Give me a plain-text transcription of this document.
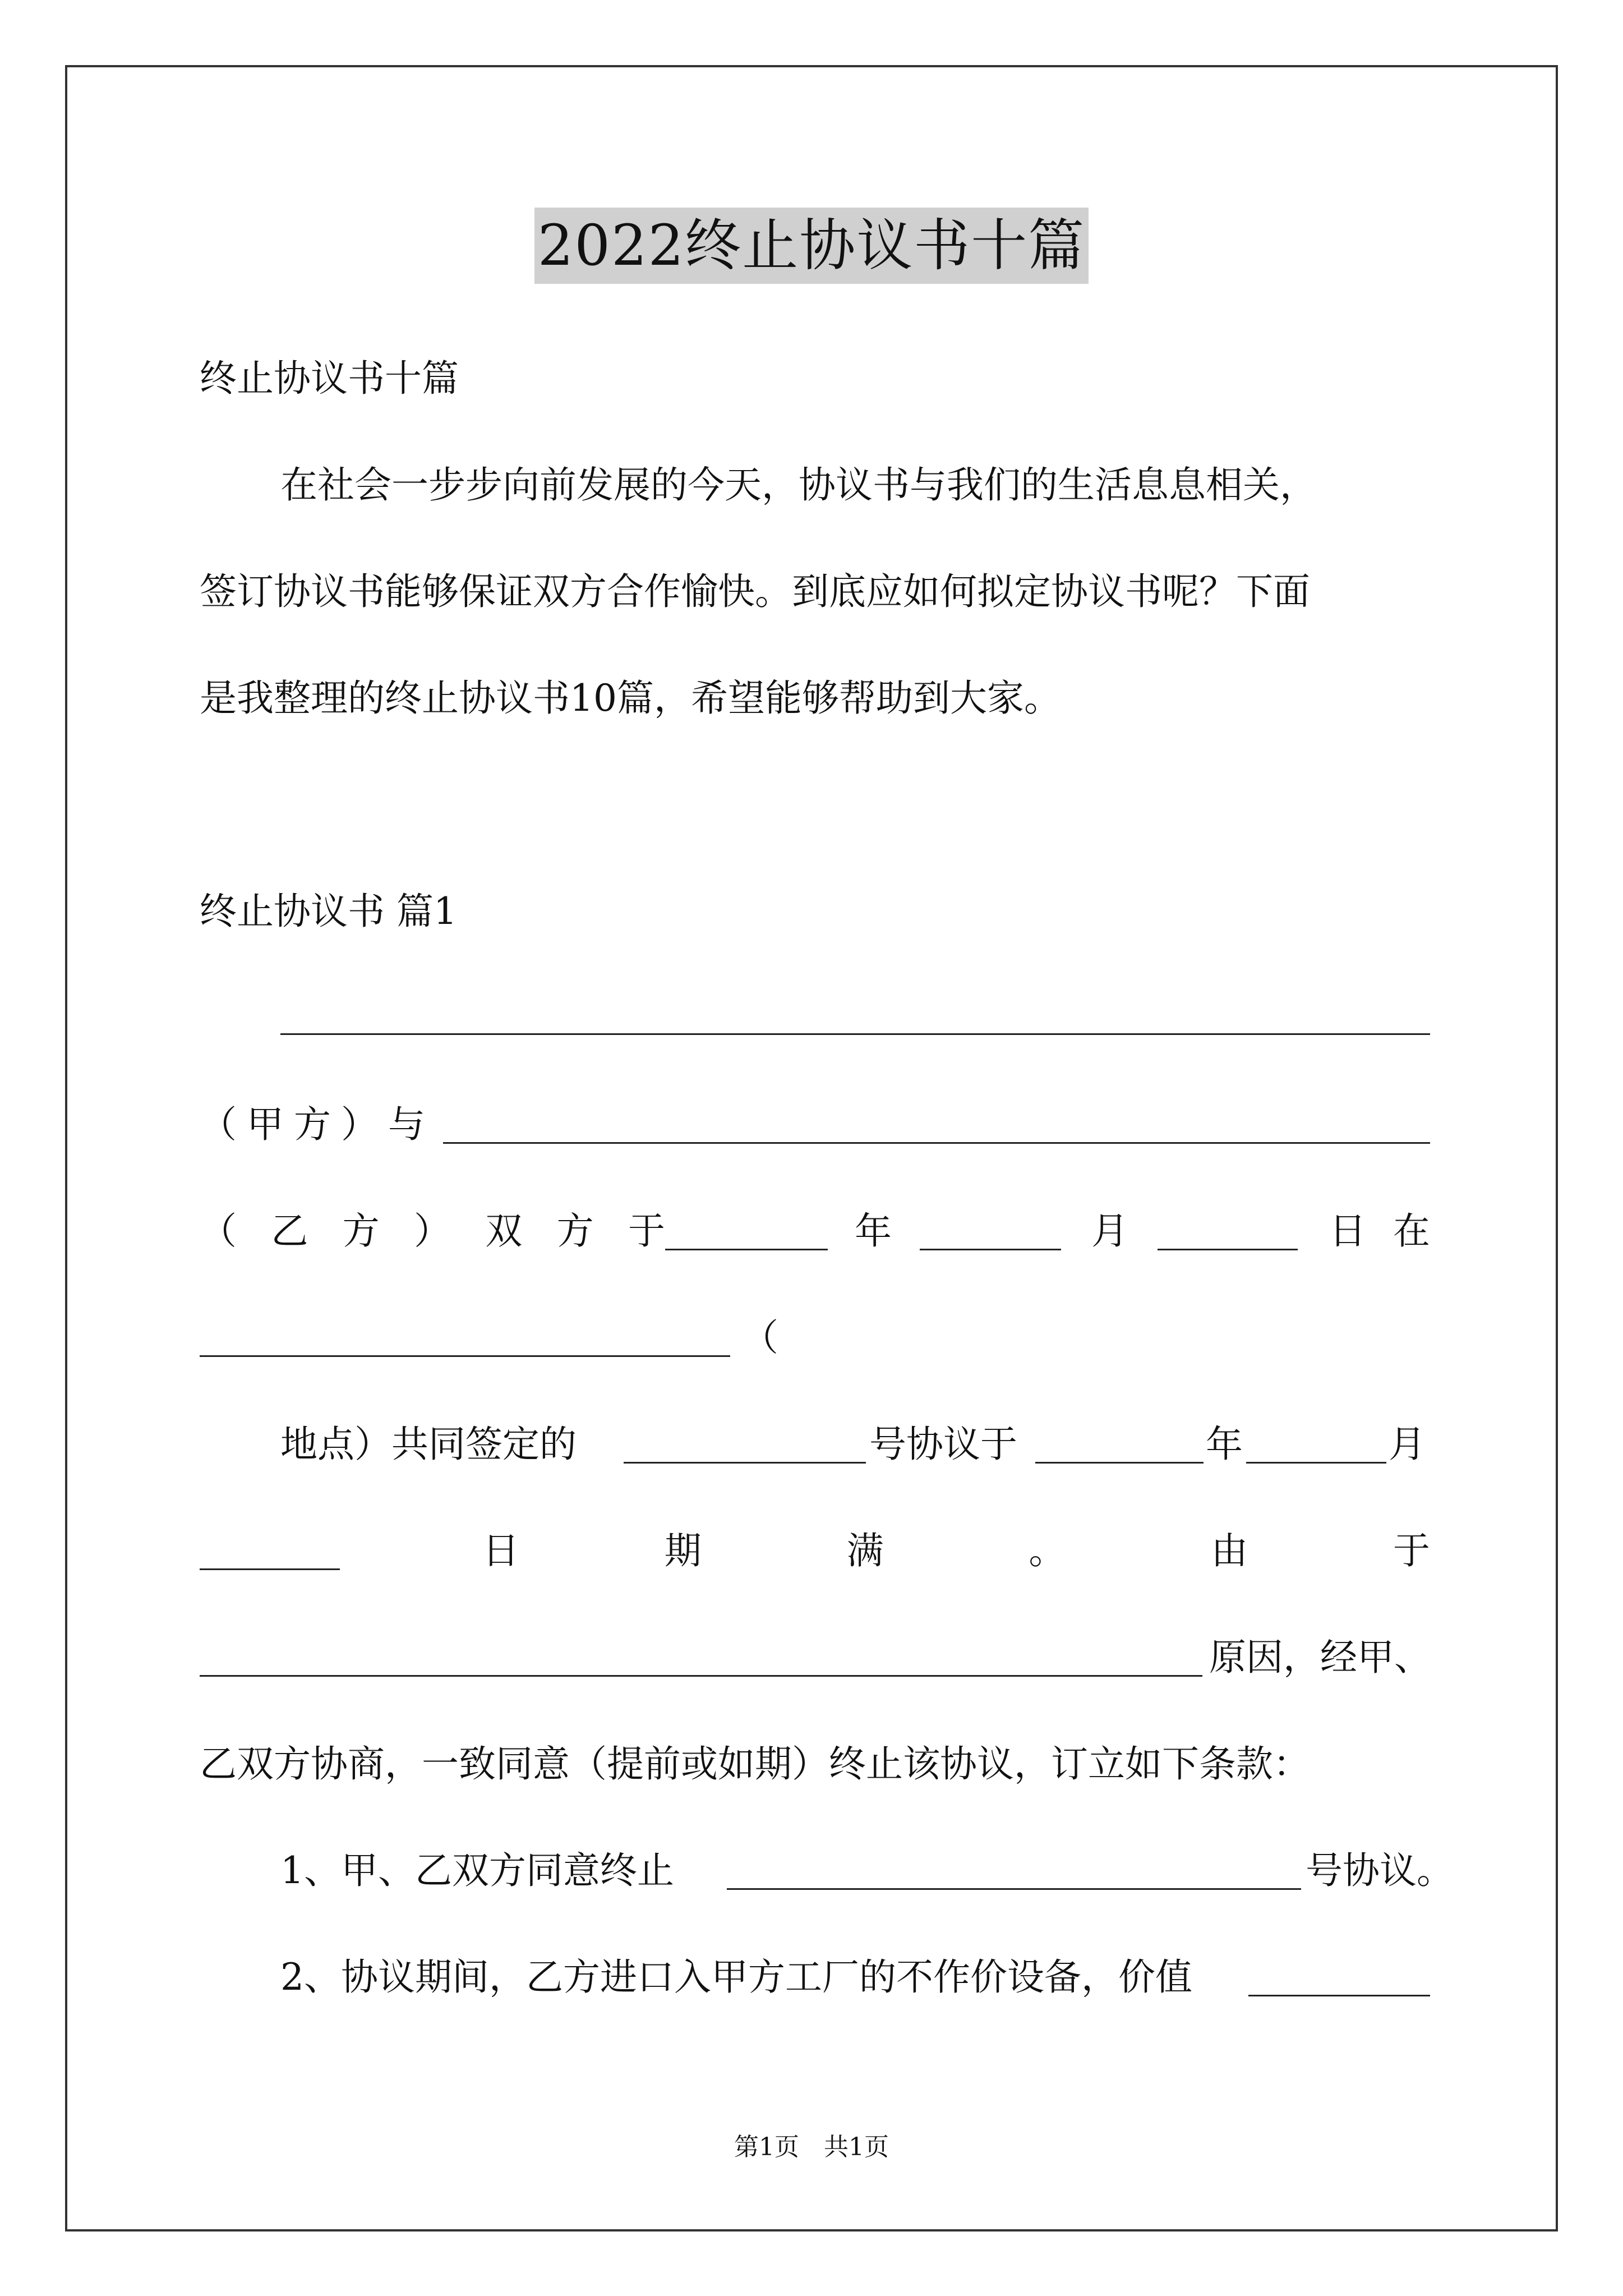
2022终止协议书十篇
终止协议书十篇
在社会一步步向前发展的今天，协议书与我们的生活息息相关，
签订协议书能够保证双方合作愉快。到底应如何拟定协议书呢？下面
是我整理的终止协议书10篇，希望能够帮助到大家。
终止协议书 篇1
（甲方）与
（ 乙 方 ） 双 方 于	年	月	日 在
（
地点）共同签定的	号协议于	年	月
日	期	满	。	由	于
原因，经甲、
乙双方协商，一致同意（提前或如期）终止该协议，订立如下条款：
1、甲、乙双方同意终止	号协议。
2、协议期间，乙方进口入甲方工厂的不作价设备，价值
第1页　共1页
